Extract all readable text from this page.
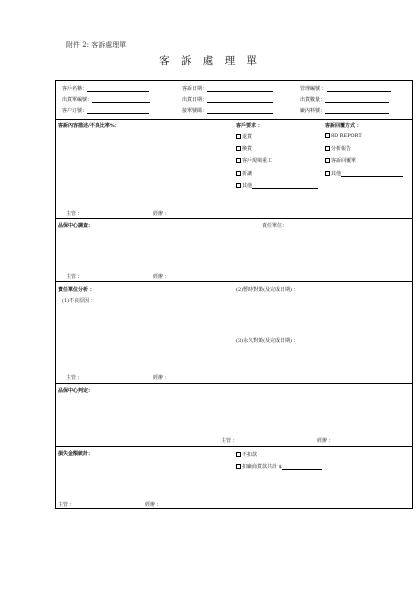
附件 2: 客訴處理單
客 訴 處 理 單
客戶名稱：	客訴日期：	管理編號 ：
出貨單編號：	出貨日期：	出貨數量：
客户订號：	接單號碼：	廠內料號：
客訴內容描述/不良比率%：	客戶要求 ：	客訴回覆方式 ：
退貨
換貨
客戶現場重工
折讓
其他
8D REPORT
分析報告
客訴回覆單
其他
主管 ：	經辦 ：
品保中心調查：	責任單位：
主管 ：	經辦 ：
責任單位分析 ：
(1)不良原因 ：
(2)暫時對策(及完成日期) ：
(3)永久對策(及完成日期) ：
主管 ：	經辦 ：
品保中心判定：
主管 ：	經辦 ：
損失金額統計：	不扣款
扣廠商貨款共計 $
主管 ：	經辦 ：
